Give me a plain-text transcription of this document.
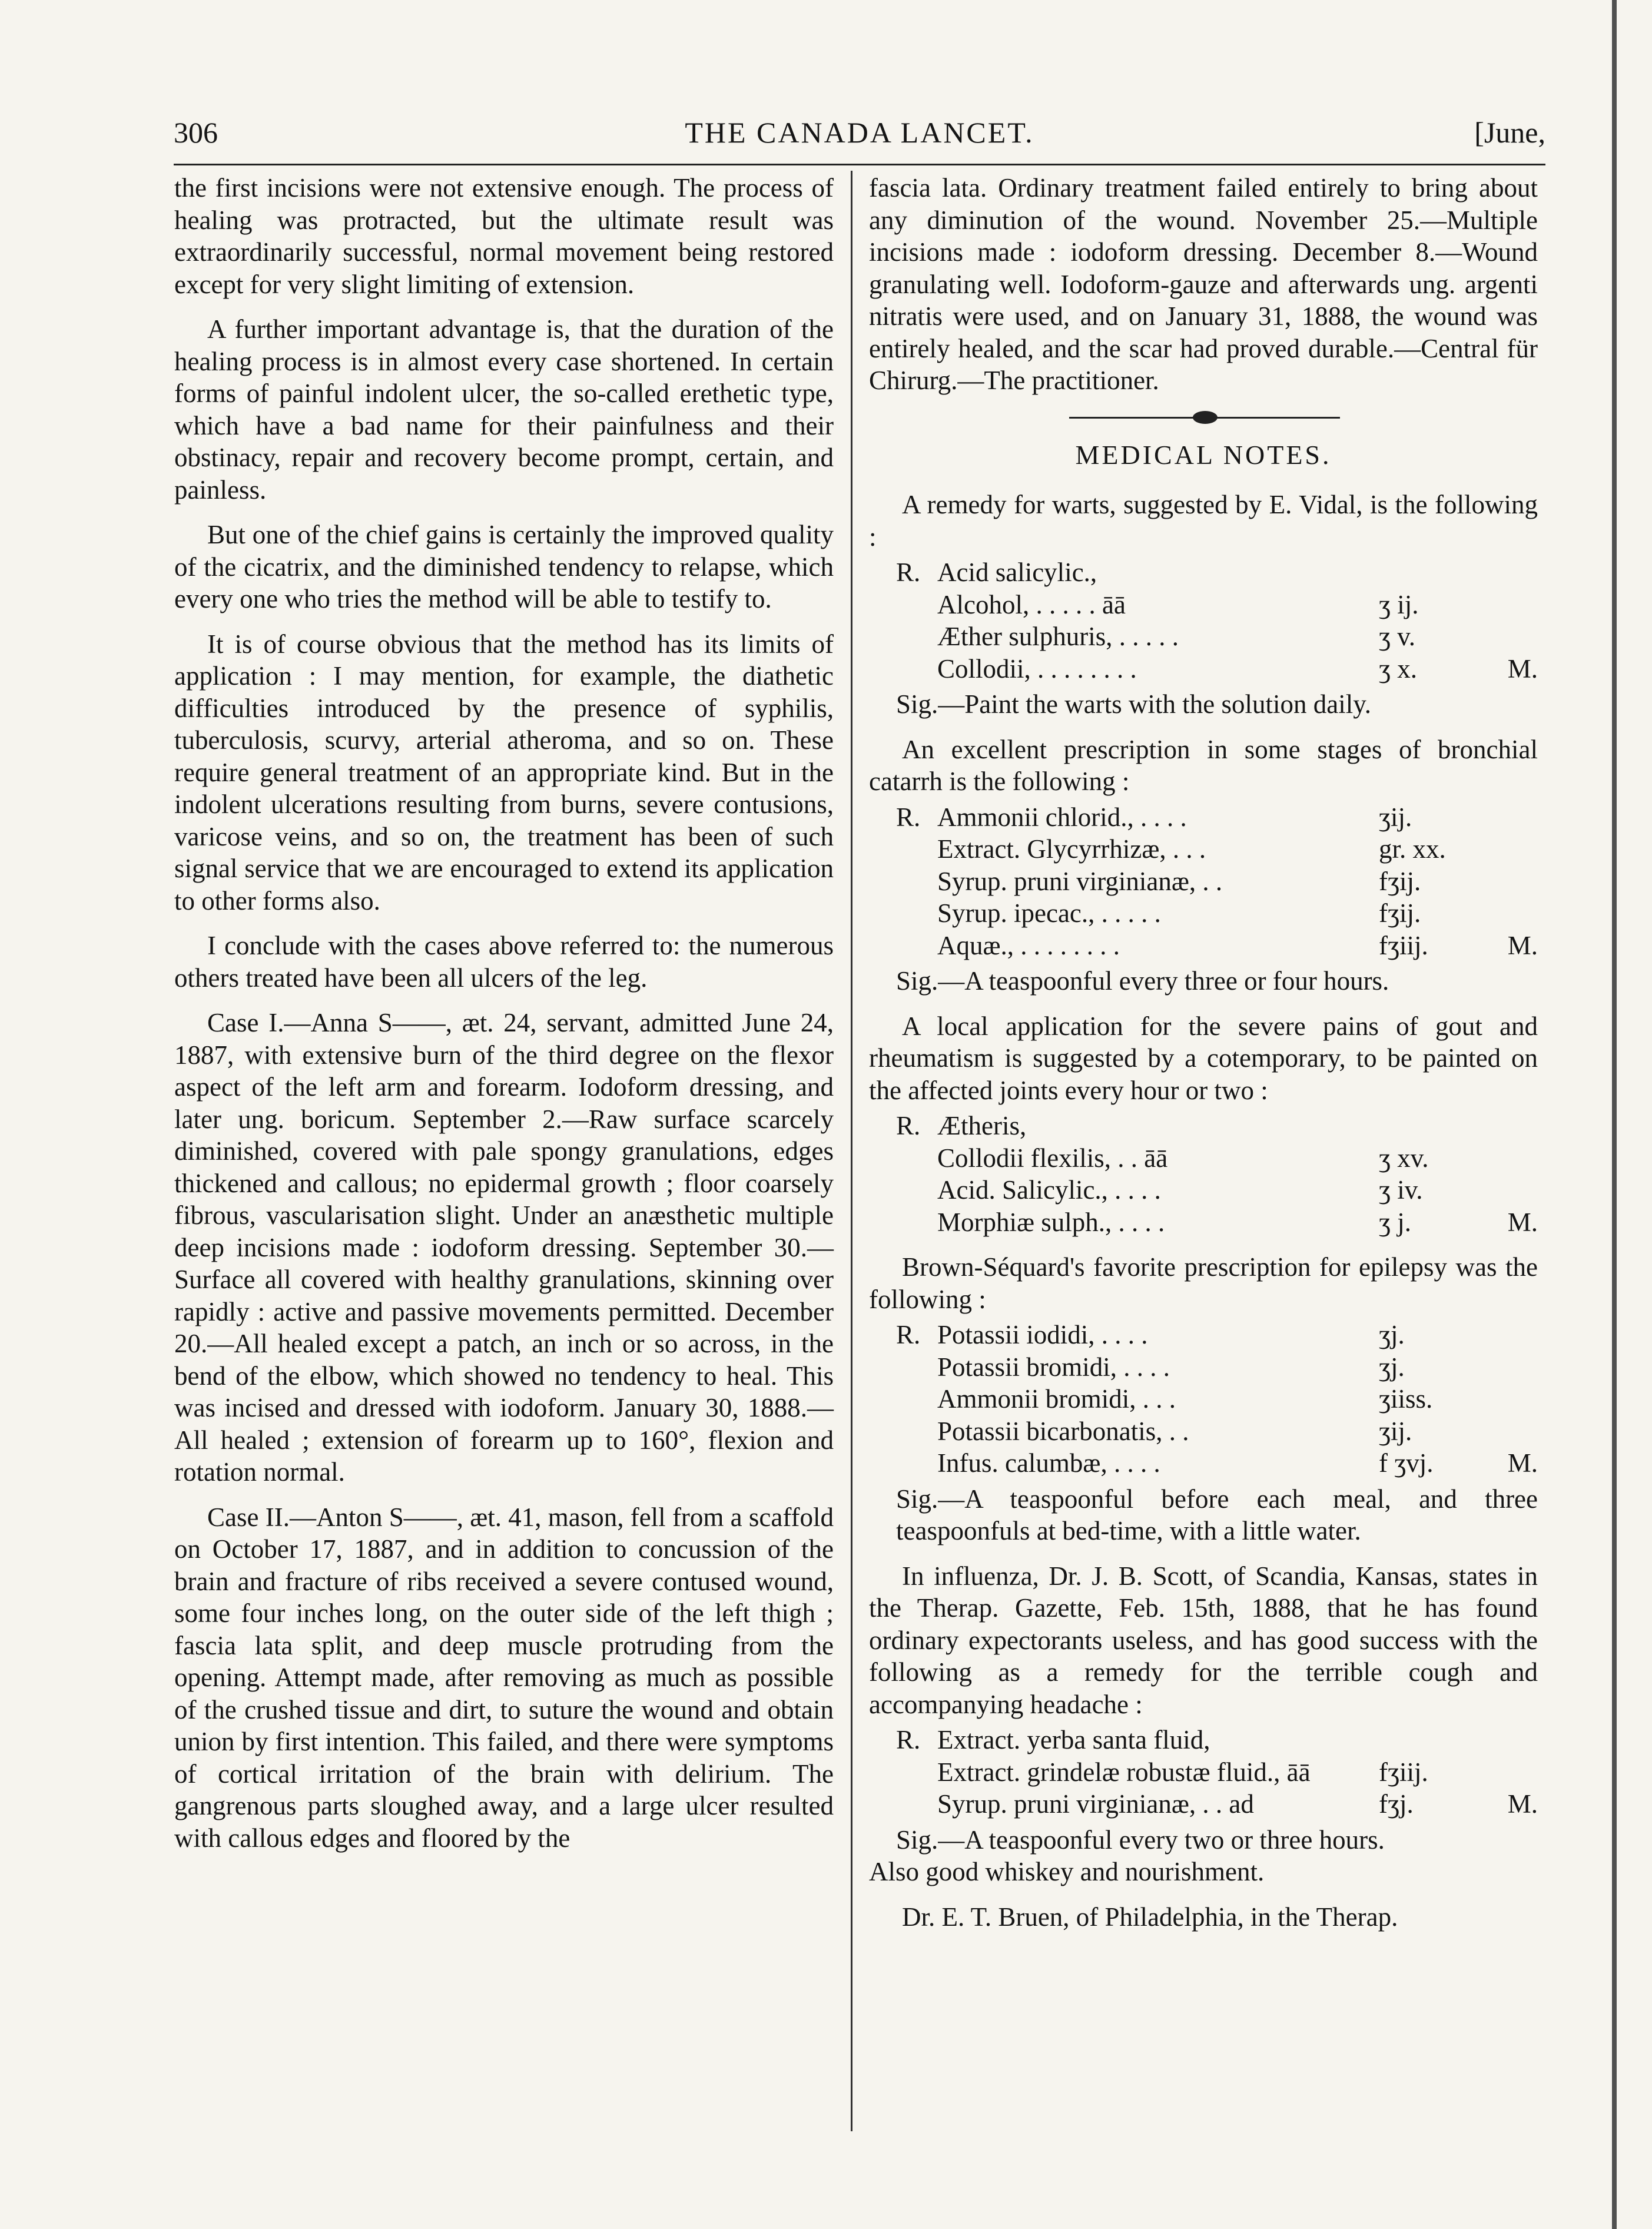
306	THE CANADA LANCET.	[June,

the first incisions were not extensive enough. The process of healing was protracted, but the ultimate result was extraordinarily successful, normal movement being restored except for very slight limiting of extension.

A further important advantage is, that the duration of the healing process is in almost every case shortened. In certain forms of painful indolent ulcer, the so-called erethetic type, which have a bad name for their painfulness and their obstinacy, repair and recovery become prompt, certain, and painless.

But one of the chief gains is certainly the improved quality of the cicatrix, and the diminished tendency to relapse, which every one who tries the method will be able to testify to.

It is of course obvious that the method has its limits of application : I may mention, for example, the diathetic difficulties introduced by the presence of syphilis, tuberculosis, scurvy, arterial atheroma, and so on. These require general treatment of an appropriate kind. But in the indolent ulcerations resulting from burns, severe contusions, varicose veins, and so on, the treatment has been of such signal service that we are encouraged to extend its application to other forms also.

I conclude with the cases above referred to: the numerous others treated have been all ulcers of the leg.

Case I.—Anna S——, æt. 24, servant, admitted June 24, 1887, with extensive burn of the third degree on the flexor aspect of the left arm and forearm. Iodoform dressing, and later ung. boricum. September 2.—Raw surface scarcely diminished, covered with pale spongy granulations, edges thickened and callous; no epidermal growth ; floor coarsely fibrous, vascularisation slight. Under an anæsthetic multiple deep incisions made : iodoform dressing. September 30.—Surface all covered with healthy granulations, skinning over rapidly : active and passive movements permitted. December 20.—All healed except a patch, an inch or so across, in the bend of the elbow, which showed no tendency to heal. This was incised and dressed with iodoform. January 30, 1888.—All healed ; extension of forearm up to 160°, flexion and rotation normal.

Case II.—Anton S——, æt. 41, mason, fell from a scaffold on October 17, 1887, and in addition to concussion of the brain and fracture of ribs received a severe contused wound, some four inches long, on the outer side of the left thigh ; fascia lata split, and deep muscle protruding from the opening. Attempt made, after removing as much as possible of the crushed tissue and dirt, to suture the wound and obtain union by first intention. This failed, and there were symptoms of cortical irritation of the brain with delirium. The gangrenous parts sloughed away, and a large ulcer resulted with callous edges and floored by the

fascia lata. Ordinary treatment failed entirely to bring about any diminution of the wound. November 25.—Multiple incisions made : iodoform dressing. December 8.—Wound granulating well. Iodoform-gauze and afterwards ung. argenti nitratis were used, and on January 31, 1888, the wound was entirely healed, and the scar had proved durable.—Central für Chirurg.—The practitioner.

MEDICAL NOTES.

A remedy for warts, suggested by E. Vidal, is the following :

R. Acid salicylic.,
Alcohol, . . . . . āā	ʒ ij.
Æther sulphuris, . . . . .	ʒ v.
Collodii, . . . . . . . .	ʒ x.	M.

Sig.—Paint the warts with the solution daily.

An excellent prescription in some stages of bronchial catarrh is the following :

R. Ammonii chlorid., . . . .	ʒij.
Extract. Glycyrrhizæ, . . .	gr. xx.
Syrup. pruni virginianæ, . .	fʒij.
Syrup. ipecac., . . . . .	fʒij.
Aquæ., . . . . . . . .	fʒiij.	M.

Sig.—A teaspoonful every three or four hours.

A local application for the severe pains of gout and rheumatism is suggested by a cotemporary, to be painted on the affected joints every hour or two :

R. Ætheris,
Collodii flexilis, . . āā	ʒ xv.
Acid. Salicylic., . . . .	ʒ iv.
Morphiæ sulph., . . . .	ʒ j.	M.

Brown-Séquard's favorite prescription for epilepsy was the following :

R. Potassii iodidi, . . . .	ʒj.
Potassii bromidi, . . . .	ʒj.
Ammonii bromidi, . . .	ʒiiss.
Potassii bicarbonatis, . .	ʒij.
Infus. calumbæ, . . . .	f ʒvj.	M.

Sig.—A teaspoonful before each meal, and three teaspoonfuls at bed-time, with a little water.

In influenza, Dr. J. B. Scott, of Scandia, Kansas, states in the Therap. Gazette, Feb. 15th, 1888, that he has found ordinary expectorants useless, and has good success with the following as a remedy for the terrible cough and accompanying headache :

R. Extract. yerba santa fluid,
Extract. grindelæ robustæ fluid., āā	fʒiij.
Syrup. pruni virginianæ, . . ad	fʒj.	M.

Sig.—A teaspoonful every two or three hours.

Also good whiskey and nourishment.

Dr. E. T. Bruen, of Philadelphia, in the Therap.
